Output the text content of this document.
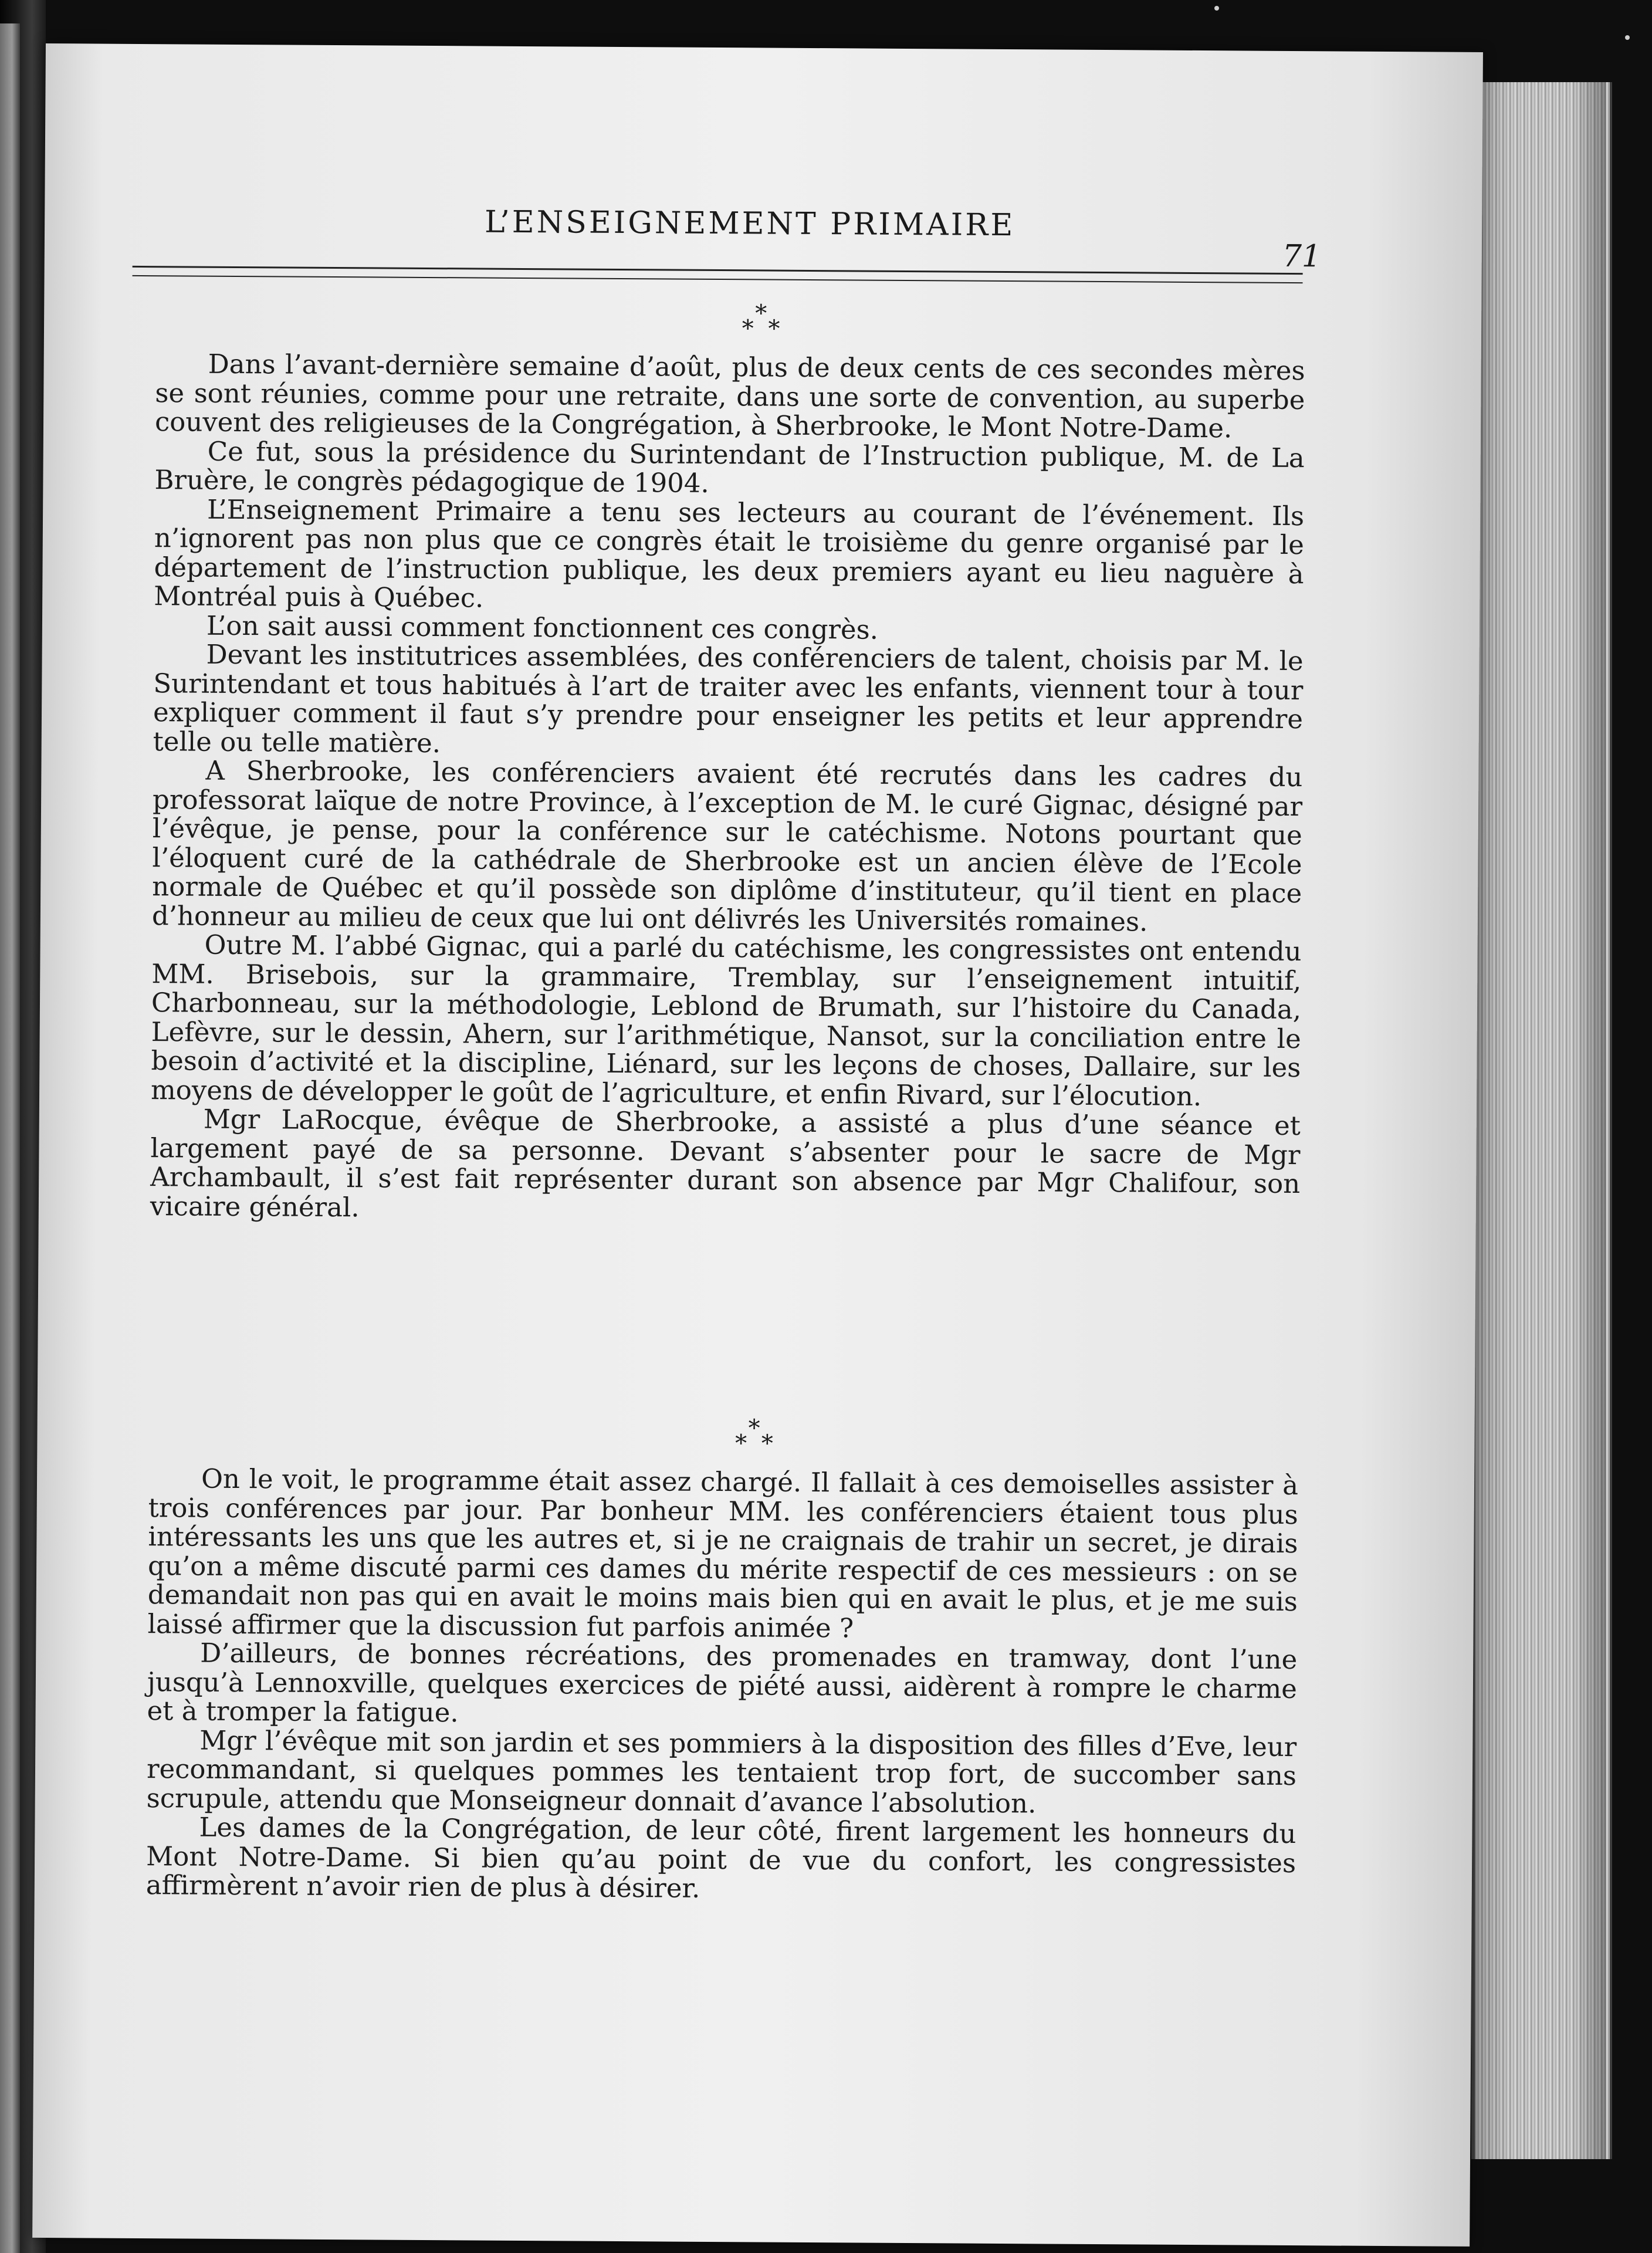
L’ENSEIGNEMENT PRIMAIRE
71
*
* *

Dans l’avant-dernière semaine d’août, plus de deux cents de ces secondes mères se sont réunies, comme pour une retraite, dans une sorte de convention, au superbe couvent des religieuses de la Congrégation, à Sherbrooke, le Mont Notre-Dame.

Ce fut, sous la présidence du Surintendant de l’Instruction publique, M. de La Bruère, le congrès pédagogique de 1904.

L’Enseignement Primaire a tenu ses lecteurs au courant de l’événement. Ils n’ignorent pas non plus que ce congrès était le troisième du genre organisé par le département de l’instruction publique, les deux premiers ayant eu lieu naguère à Montréal puis à Québec.

L’on sait aussi comment fonctionnent ces congrès.

Devant les institutrices assemblées, des conférenciers de talent, choisis par M. le Surintendant et tous habitués à l’art de traiter avec les enfants, viennent tour à tour expliquer comment il faut s’y prendre pour enseigner les petits et leur apprendre telle ou telle matière.

A Sherbrooke, les conférenciers avaient été recrutés dans les cadres du professorat laïque de notre Province, à l’exception de M. le curé Gignac, désigné par l’évêque, je pense, pour la conférence sur le catéchisme. Notons pourtant que l’éloquent curé de la cathédrale de Sherbrooke est un ancien élève de l’Ecole normale de Québec et qu’il possède son diplôme d’instituteur, qu’il tient en place d’honneur au milieu de ceux que lui ont délivrés les Universités romaines.

Outre M. l’abbé Gignac, qui a parlé du catéchisme, les congressistes ont entendu MM. Brisebois, sur la grammaire, Tremblay, sur l’enseignement intuitif, Charbonneau, sur la méthodologie, Leblond de Brumath, sur l’histoire du Canada, Lefèvre, sur le dessin, Ahern, sur l’arithmétique, Nansot, sur la conciliation entre le besoin d’activité et la discipline, Liénard, sur les leçons de choses, Dallaire, sur les moyens de développer le goût de l’agriculture, et enfin Rivard, sur l’élocution.

Mgr LaRocque, évêque de Sherbrooke, a assisté a plus d’une séance et largement payé de sa personne. Devant s’absenter pour le sacre de Mgr Archambault, il s’est fait représenter durant son absence par Mgr Chalifour, son vicaire général.

*
* *

On le voit, le programme était assez chargé. Il fallait à ces demoiselles assister à trois conférences par jour. Par bonheur MM. les conférenciers étaient tous plus intéressants les uns que les autres et, si je ne craignais de trahir un secret, je dirais qu’on a même discuté parmi ces dames du mérite respectif de ces messieurs : on se demandait non pas qui en avait le moins mais bien qui en avait le plus, et je me suis laissé affirmer que la discussion fut parfois animée ?

D’ailleurs, de bonnes récréations, des promenades en tramway, dont l’une jusqu’à Lennoxville, quelques exercices de piété aussi, aidèrent à rompre le charme et à tromper la fatigue.

Mgr l’évêque mit son jardin et ses pommiers à la disposition des filles d’Eve, leur recommandant, si quelques pommes les tentaient trop fort, de succomber sans scrupule, attendu que Monseigneur donnait d’avance l’absolution.

Les dames de la Congrégation, de leur côté, firent largement les honneurs du Mont Notre-Dame. Si bien qu’au point de vue du confort, les congressistes affirmèrent n’avoir rien de plus à désirer.
